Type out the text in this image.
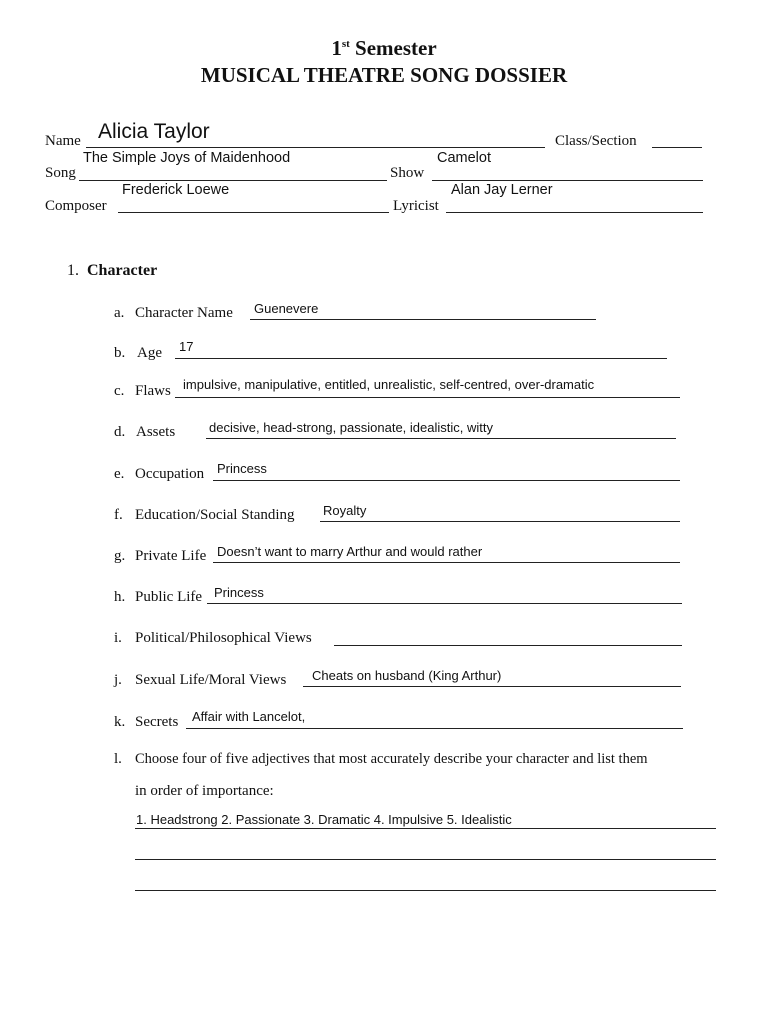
1st Semester
MUSICAL THEATRE SONG DOSSIER
Name Alicia Taylor	Class/Section
The Simple Joys of Maidenhood
Song
Camelot
Show
Frederick Loewe
Composer
Alan Jay Lerner
Lyricist
1. Character
a. Character Name Guenevere
b. Age 17
c. Flaws impulsive, manipulative, entitled, unrealistic, self-centred, over-dramatic
d. Assets	decisive, head-strong, passionate, idealistic, witty
e. Occupation Princess
f. Education/Social Standing Royalty
g. Private Life Doesn’t want to marry Arthur and would rather
h. Public Life Princess
i. Political/Philosophical Views
j. Sexual Life/Moral Views Cheats on husband (King Arthur)
k. Secrets Affair with Lancelot,
l. Choose four of five adjectives that most accurately describe your character and list them
in order of importance:
1. Headstrong 2. Passionate 3. Dramatic 4. Impulsive 5. Idealistic
